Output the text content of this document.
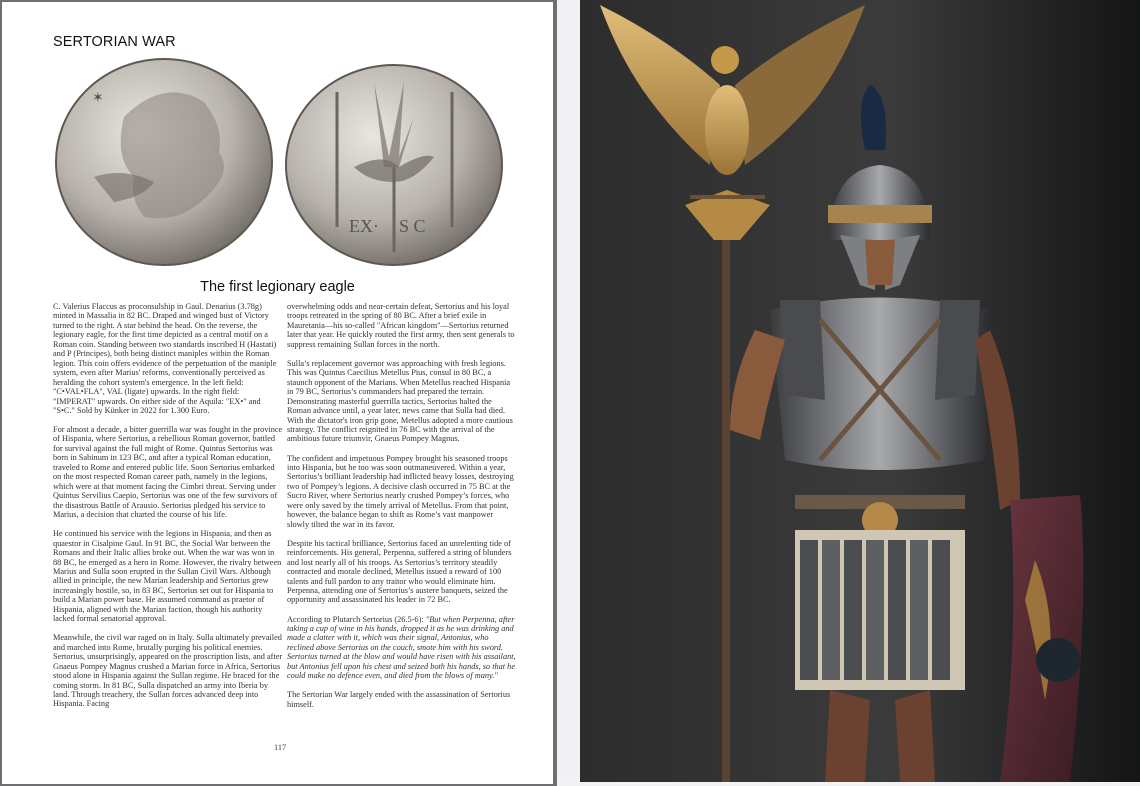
SERTORIAN WAR
✶
EX· S C
The first legionary eagle

C. Valerius Flaccus as proconsulship in Gaul. Denarius (3.78g) minted in Massalia in 82 BC. Draped and winged bust of Victory turned to the right. A star behind the head. On the reverse, the legionary eagle, for the first time depicted as a central motif on a Roman coin. Standing between two standards inscribed H (Hastati) and P (Principes), both being distinct maniples within the Roman legion. This coin offers evidence of the perpetuation of the maniple system, even after Marius' reforms, conventionally perceived as heralding the cohort system's emergence. In the left field: "C•VAL•FLA", VAL (ligate) upwards. In the right field: "IMPERAT" upwards. On either side of the Aquila: "EX•" and "S•C." Sold by Künker in 2022 for 1.300 Euro.

For almost a decade, a bitter guerrilla war was fought in the province of Hispania, where Sertorius, a rebellious Roman governor, battled for survival against the full might of Rome. Quintus Sertorius was born in Sabinum in 123 BC, and after a typical Roman education, traveled to Rome and entered public life. Soon Sertorius embarked on the most respected Roman career path, namely in the legions, which were at that moment facing the Cimbri threat. Serving under Quintus Servilius Caepio, Sertorius was one of the few survivors of the disastrous Battle of Arausio. Sertorius pledged his service to Marius, a decision that charted the course of his life.

He continued his service with the legions in Hispania, and then as quaestor in Cisalpine Gaul. In 91 BC, the Social War between the Romans and their Italic allies broke out. When the war was won in 88 BC, he emerged as a hero in Rome. However, the rivalry between Marius and Sulla soon erupted in the Sullan Civil Wars. Although allied in principle, the new Marian leadership and Sertorius grew increasingly hostile, so, in 83 BC, Sertorius set out for Hispania to build a Marian power base. He assumed command as praetor of Hispania, aligned with the Marian faction, though his authority lacked formal senatorial approval.

Meanwhile, the civil war raged on in Italy. Sulla ultimately prevailed and marched into Rome, brutally purging his political enemies. Sertorius, unsurprisingly, appeared on the proscription lists, and after Gnaeus Pompey Magnus crushed a Marian force in Africa, Sertorius stood alone in Hispania against the Sullan regime. He braced for the coming storm. In 81 BC, Sulla dispatched an army into Iberia by land. Through treachery, the Sullan forces advanced deep into Hispania. Facing

overwhelming odds and near-certain defeat, Sertorius and his loyal troops retreated in the spring of 80 BC. After a brief exile in Mauretania—his so-called "African kingdom"—Sertorius returned later that year. He quickly routed the first army, then sent generals to suppress remaining Sullan forces in the north.

Sulla’s replacement governor was approaching with fresh legions. This was Quintus Caecilius Metellus Pius, consul in 80 BC, a staunch opponent of the Marians. When Metellus reached Hispania in 79 BC, Sertorius’s commanders had prepared the terrain. Demonstrating masterful guerrilla tactics, Sertorius halted the Roman advance until, a year later, news came that Sulla had died. With the dictator's iron grip gone, Metellus adopted a more cautious strategy. The conflict reignited in 76 BC with the arrival of the ambitious future triumvir, Gnaeus Pompey Magnus.

The confident and impetuous Pompey brought his seasoned troops into Hispania, but he too was soon outmaneuvered. Within a year, Sertorius’s brilliant leadership had inflicted heavy losses, destroying two of Pompey’s legions. A decisive clash occurred in 75 BC at the Sucro River, where Sertorius nearly crushed Pompey’s forces, who were only saved by the timely arrival of Metellus. From that point, however, the balance began to shift as Rome’s vast manpower slowly tilted the war in its favor.

Despite his tactical brilliance, Sertorius faced an unrelenting tide of reinforcements. His general, Perpenna, suffered a string of blunders and lost nearly all of his troops. As Sertorius’s territory steadily contracted and morale declined, Metellus issued a reward of 100 talents and full pardon to any traitor who would eliminate him. Perpenna, attending one of Sertorius’s austere banquets, seized the opportunity and assassinated his leader in 72 BC.

According to Plutarch Sertorius (26.5-6): "But when Perpenna, after taking a cup of wine in his hands, dropped it as he was drinking and made a clatter with it, which was their signal, Antonius, who reclined above Sertorius on the couch, smote him with his sword. Sertorius turned at the blow and would have risen with his assailant, but Antonius fell upon his chest and seized both his hands, so that he could make no defence even, and died from the blows of many."

The Sertorian War largely ended with the assassination of Sertorius himself.

117
